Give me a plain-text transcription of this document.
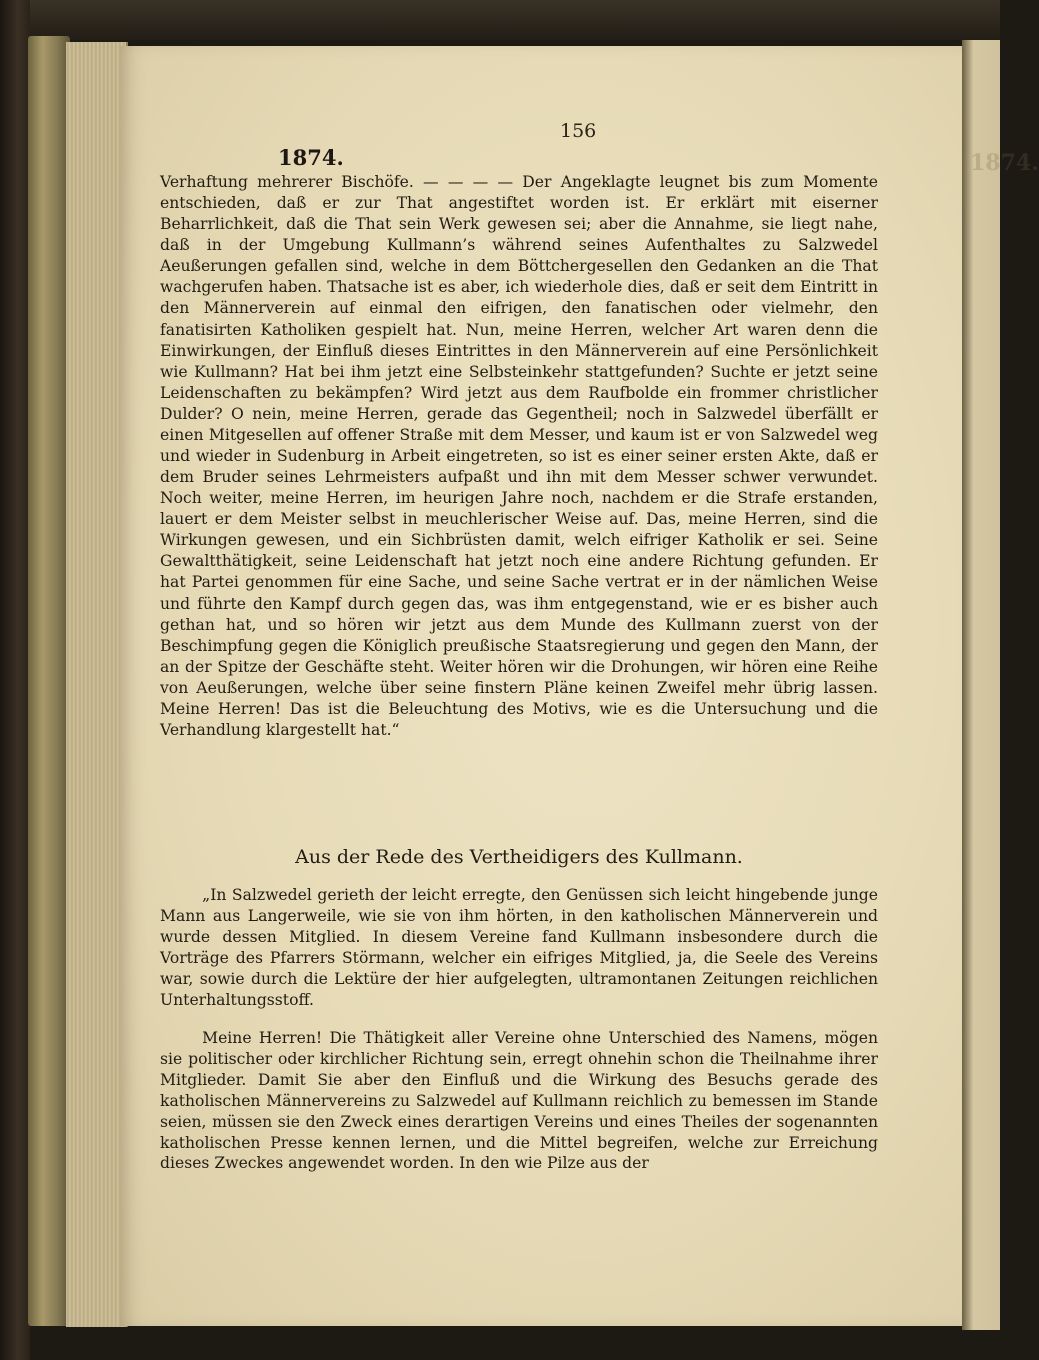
1874.
156
1874.

Verhaftung mehrerer Bischöfe. — — — — Der Angeklagte leugnet bis zum Momente entschieden, daß er zur That angestiftet worden ist. Er erklärt mit eiserner Beharrlichkeit, daß die That sein Werk gewesen sei; aber die Annahme, sie liegt nahe, daß in der Umgebung Kullmann’s während seines Aufenthaltes zu Salzwedel Aeußerungen gefallen sind, welche in dem Böttchergesellen den Gedanken an die That wachgerufen haben. Thatsache ist es aber, ich wiederhole dies, daß er seit dem Eintritt in den Männerverein auf einmal den eifrigen, den fanatischen oder vielmehr, den fanatisirten Katholiken gespielt hat. Nun, meine Herren, welcher Art waren denn die Einwirkungen, der Einfluß dieses Eintrittes in den Männerverein auf eine Persönlichkeit wie Kullmann? Hat bei ihm jetzt eine Selbsteinkehr stattgefunden? Suchte er jetzt seine Leidenschaften zu bekämpfen? Wird jetzt aus dem Raufbolde ein frommer christlicher Dulder? O nein, meine Herren, gerade das Gegentheil; noch in Salzwedel überfällt er einen Mitgesellen auf offener Straße mit dem Messer, und kaum ist er von Salzwedel weg und wieder in Sudenburg in Arbeit eingetreten, so ist es einer seiner ersten Akte, daß er dem Bruder seines Lehrmeisters aufpaßt und ihn mit dem Messer schwer verwundet. Noch weiter, meine Herren, im heurigen Jahre noch, nachdem er die Strafe erstanden, lauert er dem Meister selbst in meuchlerischer Weise auf. Das, meine Herren, sind die Wirkungen gewesen, und ein Sichbrüsten damit, welch eifriger Katholik er sei. Seine Gewaltthätigkeit, seine Leidenschaft hat jetzt noch eine andere Richtung gefunden. Er hat Partei genommen für eine Sache, und seine Sache vertrat er in der nämlichen Weise und führte den Kampf durch gegen das, was ihm entgegenstand, wie er es bisher auch gethan hat, und so hören wir jetzt aus dem Munde des Kullmann zuerst von der Beschimpfung gegen die Königlich preußische Staatsregierung und gegen den Mann, der an der Spitze der Geschäfte steht. Weiter hören wir die Drohungen, wir hören eine Reihe von Aeußerungen, welche über seine finstern Pläne keinen Zweifel mehr übrig lassen. Meine Herren! Das ist die Beleuchtung des Motivs, wie es die Untersuchung und die Verhandlung klargestellt hat.“

Aus der Rede des Vertheidigers des Kullmann.

„In Salzwedel gerieth der leicht erregte, den Genüssen sich leicht hingebende junge Mann aus Langerweile, wie sie von ihm hörten, in den katholischen Männerverein und wurde dessen Mitglied. In diesem Vereine fand Kullmann insbesondere durch die Vorträge des Pfarrers Störmann, welcher ein eifriges Mitglied, ja, die Seele des Vereins war, sowie durch die Lektüre der hier aufgelegten, ultramontanen Zeitungen reichlichen Unterhaltungsstoff.

Meine Herren! Die Thätigkeit aller Vereine ohne Unterschied des Namens, mögen sie politischer oder kirchlicher Richtung sein, erregt ohnehin schon die Theilnahme ihrer Mitglieder. Damit Sie aber den Einfluß und die Wirkung des Besuchs gerade des katholischen Männervereins zu Salzwedel auf Kullmann reichlich zu bemessen im Stande seien, müssen sie den Zweck eines derartigen Vereins und eines Theiles der sogenannten katholischen Presse kennen lernen, und die Mittel begreifen, welche zur Erreichung dieses Zweckes angewendet worden. In den wie Pilze aus der
